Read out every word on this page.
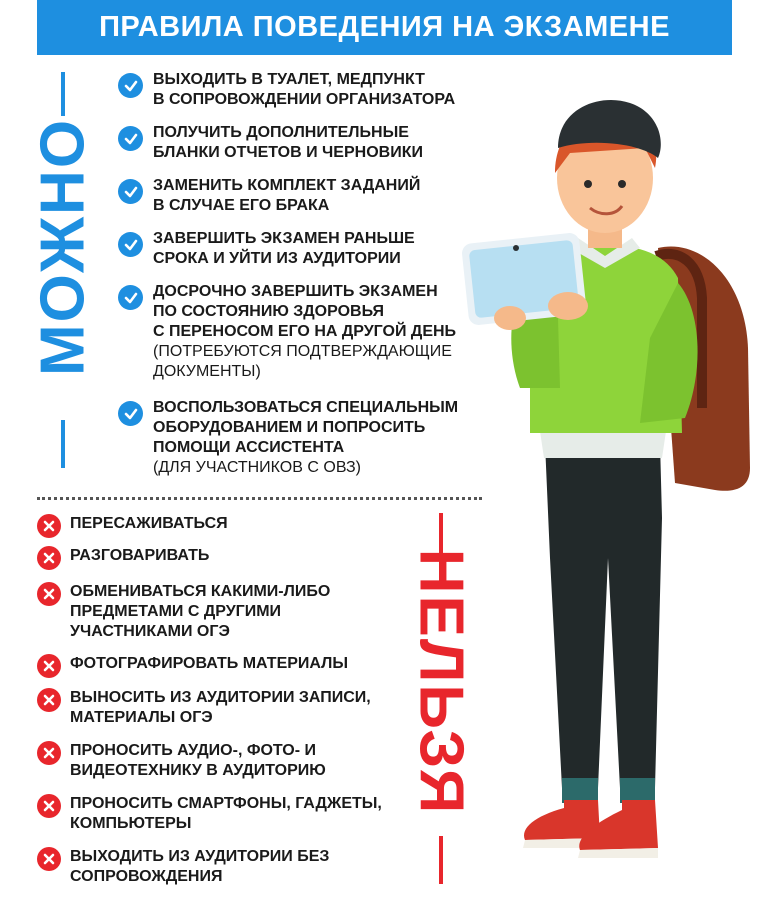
ПРАВИЛА ПОВЕДЕНИЯ НА ЭКЗАМЕНЕ
МОЖНО
НЕЛЬЗЯ
ВЫХОДИТЬ В ТУАЛЕТ, МЕДПУНКТ
В СОПРОВОЖДЕНИИ ОРГАНИЗАТОРА
ПОЛУЧИТЬ ДОПОЛНИТЕЛЬНЫЕ
БЛАНКИ ОТЧЕТОВ И ЧЕРНОВИКИ
ЗАМЕНИТЬ КОМПЛЕКТ ЗАДАНИЙ
В СЛУЧАЕ ЕГО БРАКА
ЗАВЕРШИТЬ ЭКЗАМЕН РАНЬШЕ
СРОКА И УЙТИ ИЗ АУДИТОРИИ
ДОСРОЧНО ЗАВЕРШИТЬ ЭКЗАМЕН
ПО СОСТОЯНИЮ ЗДОРОВЬЯ
С ПЕРЕНОСОМ ЕГО НА ДРУГОЙ ДЕНЬ
(ПОТРЕБУЮТСЯ ПОДТВЕРЖДАЮЩИЕ
ДОКУМЕНТЫ)
ВОСПОЛЬЗОВАТЬСЯ СПЕЦИАЛЬНЫМ
ОБОРУДОВАНИЕМ И ПОПРОСИТЬ
ПОМОЩИ АССИСТЕНТА
(ДЛЯ УЧАСТНИКОВ С ОВЗ)
ПЕРЕСАЖИВАТЬСЯ
РАЗГОВАРИВАТЬ
ОБМЕНИВАТЬСЯ КАКИМИ-ЛИБО
ПРЕДМЕТАМИ С ДРУГИМИ
УЧАСТНИКАМИ ОГЭ
ФОТОГРАФИРОВАТЬ МАТЕРИАЛЫ
ВЫНОСИТЬ ИЗ АУДИТОРИИ ЗАПИСИ,
МАТЕРИАЛЫ ОГЭ
ПРОНОСИТЬ АУДИО-, ФОТО- И
ВИДЕОТЕХНИКУ В АУДИТОРИЮ
ПРОНОСИТЬ СМАРТФОНЫ, ГАДЖЕТЫ,
КОМПЬЮТЕРЫ
ВЫХОДИТЬ ИЗ АУДИТОРИИ БЕЗ
СОПРОВОЖДЕНИЯ
